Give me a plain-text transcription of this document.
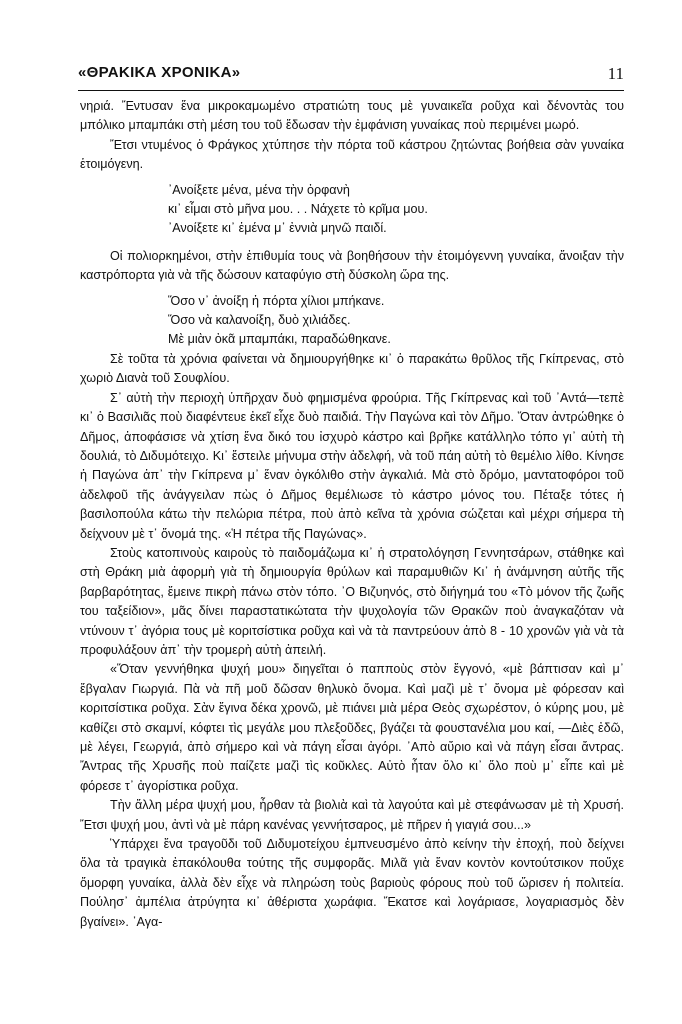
«ΘΡΑΚΙΚΑ ΧΡΟΝΙΚΑ»	11

νηριά. Ἔντυσαν ἕνα μικροκαμωμένο στρατιώτη τους μὲ γυναικεῖα ροῦχα καὶ δένοντὰς του μπόλικο μπαμπάκι στὴ μέση του τοῦ ἔδωσαν τὴν ἐμφάνιση γυναίκας ποὺ περιμένει μωρό.

Ἔτσι ντυμένος ὁ Φράγκος χτύπησε τὴν πόρτα τοῦ κάστρου ζητώντας βοήθεια σὰν γυναίκα ἑτοιμόγενη.

᾿Ανοίξετε μένα, μένα τὴν ὀρφανὴ
κι᾿ εἶμαι στὸ μῆνα μου. . . Νάχετε τὸ κρῖμα μου.
᾿Ανοίξετε κι᾿ ἐμένα μ᾿ ἐννιὰ μηνῶ παιδί.

Οἱ πολιορκημένοι, στὴν ἐπιθυμία τους νὰ βοηθήσουν τὴν ἑτοιμόγεννη γυναίκα, ἄνοιξαν τὴν καστρόπορτα γιὰ νὰ τῆς δώσουν καταφύγιο στὴ δύσκολη ὥρα της.

Ὅσο ν᾿ ἀνοίξη ἡ πόρτα χίλιοι μπήκανε.
Ὅσο νὰ καλανοίξη, δυὸ χιλιάδες.
Μὲ μιὰν ὀκᾶ μπαμπάκι, παραδώθηκανε.

Σὲ τοῦτα τὰ χρόνια φαίνεται νὰ δημιουργήθηκε κι᾿ ὁ παρακάτω θρῦλος τῆς Γκίπρενας, στὸ χωριὸ Διανὰ τοῦ Σουφλίου.

Σ᾿ αὐτὴ τὴν περιοχὴ ὑπῆρχαν δυὸ φημισμένα φρούρια. Τῆς Γκίπρενας καὶ τοῦ ᾿Αντά—τεπὲ κι᾿ ὁ Βασιλιᾶς ποὺ διαφέντευε ἐκεῖ εἶχε δυὸ παιδιά. Τὴν Παγώνα καὶ τὸν Δῆμο. Ὅταν ἀντρώθηκε ὁ Δῆμος, ἀποφάσισε νὰ χτίση ἕνα δικό του ἰσχυρὸ κάστρο καὶ βρῆκε κατάλληλο τόπο γι᾿ αὐτὴ τὴ δουλιά, τὸ Διδυμότειχο. Κι᾿ ἔστειλε μήνυμα στὴν ἀδελφή, νὰ τοῦ πάη αὐτὴ τὸ θεμέλιο λίθο. Κίνησε ἡ Παγώνα ἀπ᾿ τὴν Γκίπρενα μ᾿ ἕναν ὀγκόλιθο στὴν ἀγκαλιά. Μὰ στὸ δρόμο, μαντατοφόροι τοῦ ἀδελφοῦ τῆς ἀνάγγειλαν πὼς ὁ Δῆμος θεμέλιωσε τὸ κάστρο μόνος του. Πέταξε τότες ἡ βασιλοπούλα κάτω τὴν πελώρια πέτρα, ποὺ ἀπὸ κεῖνα τὰ χρόνια σώζεται καὶ μέχρι σήμερα τὴ δείχνουν μὲ τ᾿ ὄνομά της. «Ἡ πέτρα τῆς Παγώνας».

Στοὺς κατοπινοὺς καιροὺς τὸ παιδομάζωμα κι᾿ ἡ στρατολόγηση Γεννητσάρων, στάθηκε καὶ στὴ Θράκη μιὰ ἀφορμὴ γιὰ τὴ δημιουργία θρύλων καὶ παραμυθιῶν Κι᾿ ἡ ἀνάμνηση αὐτῆς τῆς βαρβαρότητας, ἔμεινε πικρὴ πάνω στὸν τόπο. ᾿Ο Βιζυηνός, στὸ διήγημά του «Τὸ μόνον τῆς ζωῆς του ταξείδιον», μᾶς δίνει παραστατικώτατα τὴν ψυχολογία τῶν Θρακῶν ποὺ ἀναγκαζόταν νὰ ντύνουν τ᾿ ἀγόρια τους μὲ κοριτσίστικα ροῦχα καὶ νὰ τὰ παντρεύουν ἀπὸ 8 - 10 χρονῶν γιὰ νὰ τὰ προφυλάξουν ἀπ᾿ τὴν τρομερὴ αὐτὴ ἀπειλή.

«Ὅταν γεννήθηκα ψυχή μου» διηγεῖται ὁ παπποὺς στὸν ἔγγονό, «μὲ βάπτισαν καὶ μ᾿ ἔβγαλαν Γιωργιά. Πὰ νὰ πῆ μοῦ δῶσαν θηλυκὸ ὄνομα. Καὶ μαζὶ μὲ τ᾿ ὄνομα μὲ φόρεσαν καὶ κοριτσίστικα ροῦχα. Σὰν ἔγινα δέκα χρονῶ, μὲ πιάνει μιὰ μέρα Θεὸς σχωρέστον, ὁ κύρης μου, μὲ καθίζει στὸ σκαμνί, κόφτει τὶς μεγάλε μου πλεξοῦδες, βγάζει τὰ φουστανέλια μου καί, —Διὲς ἐδῶ, μὲ λέγει, Γεωργιά, ἀπὸ σήμερο καὶ νὰ πάγη εἶσαι ἀγόρι. ᾿Απὸ αὔριο καὶ νὰ πάγη εἶσαι ἄντρας. Ἄντρας τῆς Χρυσῆς ποὺ παίζετε μαζὶ τὶς κοῦκλες. Αὐτὸ ἦταν ὅλο κι᾿ ὅλο ποὺ μ᾿ εἶπε καὶ μὲ φόρεσε τ᾿ ἀγορίστικα ροῦχα.

Τὴν ἄλλη μέρα ψυχή μου, ἦρθαν τὰ βιολιὰ καὶ τὰ λαγούτα καὶ μὲ στεφάνωσαν μὲ τὴ Χρυσή. Ἔτσι ψυχή μου, ἀντὶ νὰ μὲ πάρη κανένας γεννήτσαρος, μὲ πῆρεν ἡ γιαγιά σου...»

Ὑπάρχει ἕνα τραγοῦδι τοῦ Διδυμοτείχου ἐμπνευσμένο ἀπὸ κείνην τὴν ἐποχή, ποὺ δείχνει ὅλα τὰ τραγικὰ ἐπακόλουθα τούτης τῆς συμφορᾶς. Μιλᾶ γιὰ ἕναν κοντὸν κοντούτσικον ποὔχε ὄμορφη γυναίκα, ἀλλὰ δὲν εἶχε νὰ πληρώση τοὺς βαριοὺς φόρους ποὺ τοῦ ὥρισεν ἡ πολιτεία. Πούλησ᾿ ἀμπέλια ἀτρύγητα κι᾿ ἀθέριστα χωράφια. Ἔκατσε καὶ λογάριασε, λογαριασμὸς δὲν βγαίνει». ᾿Αγα-
